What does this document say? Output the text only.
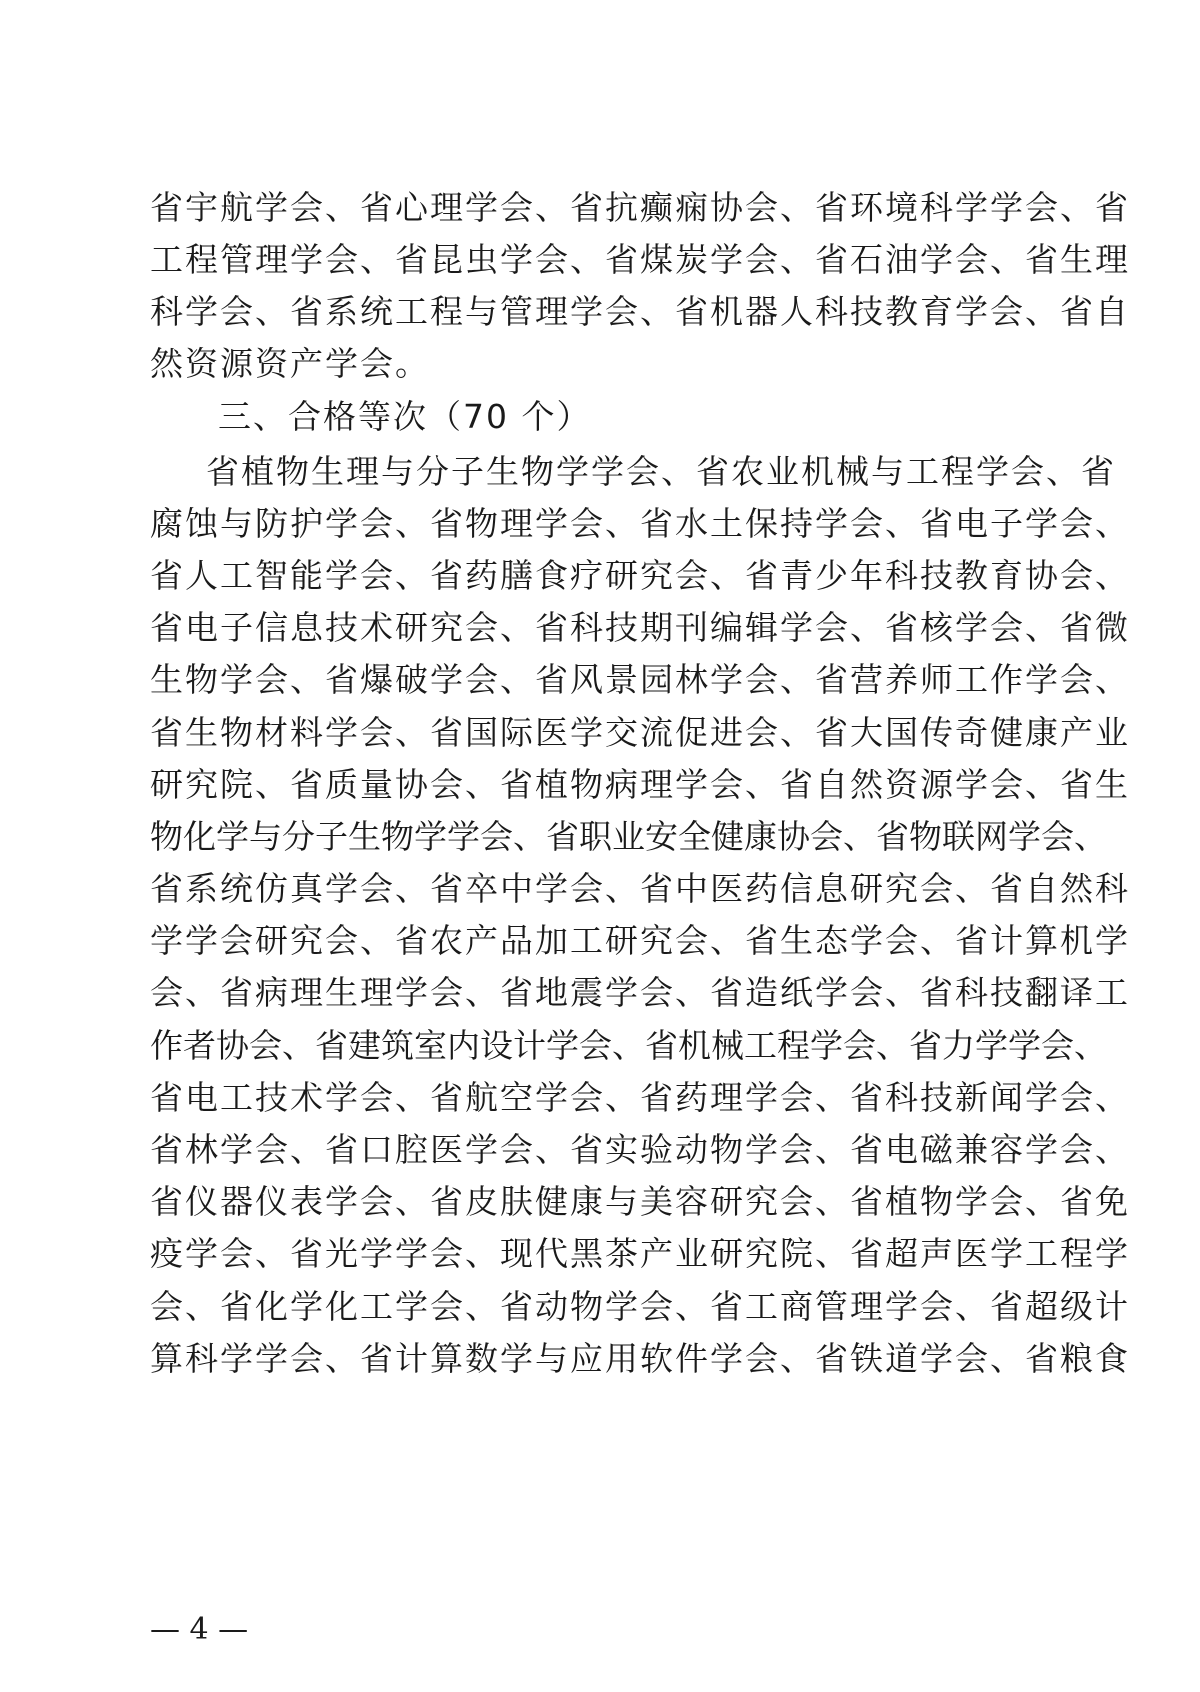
省宇航学会、省心理学会、省抗癫痫协会、省环境科学学会、省
工程管理学会、省昆虫学会、省煤炭学会、省石油学会、省生理
科学会、省系统工程与管理学会、省机器人科技教育学会、省自
然资源资产学会。
三、合格等次（70 个）
省植物生理与分子生物学学会、省农业机械与工程学会、省
腐蚀与防护学会、省物理学会、省水土保持学会、省电子学会、
省人工智能学会、省药膳食疗研究会、省青少年科技教育协会、
省电子信息技术研究会、省科技期刊编辑学会、省核学会、省微
生物学会、省爆破学会、省风景园林学会、省营养师工作学会、
省生物材料学会、省国际医学交流促进会、省大国传奇健康产业
研究院、省质量协会、省植物病理学会、省自然资源学会、省生
物化学与分子生物学学会、省职业安全健康协会、省物联网学会、
省系统仿真学会、省卒中学会、省中医药信息研究会、省自然科
学学会研究会、省农产品加工研究会、省生态学会、省计算机学
会、省病理生理学会、省地震学会、省造纸学会、省科技翻译工
作者协会、省建筑室内设计学会、省机械工程学会、省力学学会、
省电工技术学会、省航空学会、省药理学会、省科技新闻学会、
省林学会、省口腔医学会、省实验动物学会、省电磁兼容学会、
省仪器仪表学会、省皮肤健康与美容研究会、省植物学会、省免
疫学会、省光学学会、现代黑茶产业研究院、省超声医学工程学
会、省化学化工学会、省动物学会、省工商管理学会、省超级计
算科学学会、省计算数学与应用软件学会、省铁道学会、省粮食
— 4 —
